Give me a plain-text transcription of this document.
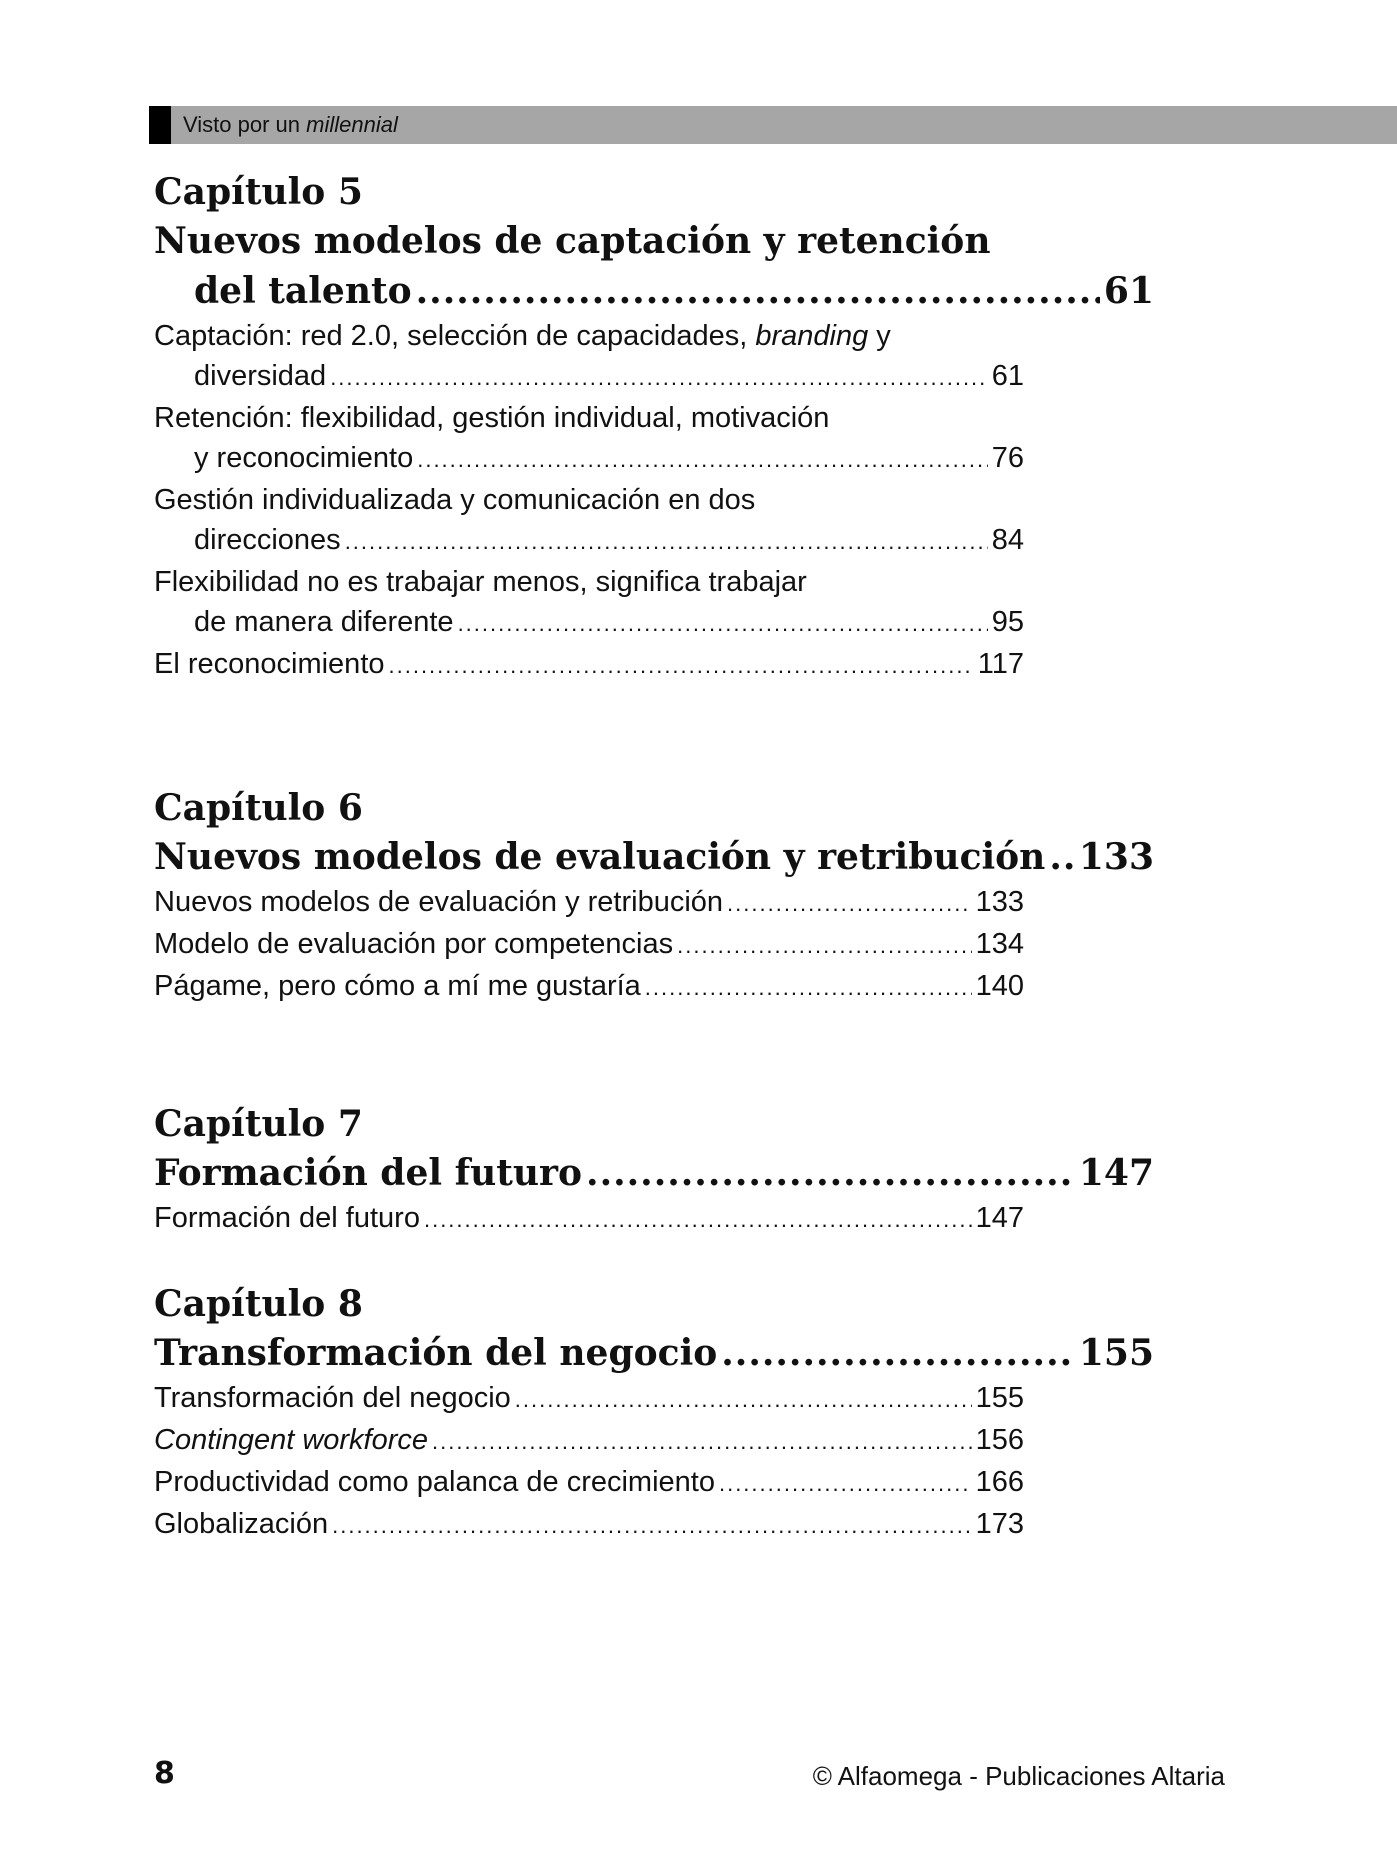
Visto por un millennial
Capítulo 5
Nuevos modelos de captación y retención
del talento .....	61
Captación: red 2.0, selección de capacidades, branding y
diversidad .....	61
Retención: flexibilidad, gestión individual, motivación
y reconocimiento .....	76
Gestión individualizada y comunicación en dos
direcciones .....	84
Flexibilidad no es trabajar menos, significa trabajar
de manera diferente .....	95
El reconocimiento .....	117
Capítulo 6
Nuevos modelos de evaluación y retribución ..... 133
Nuevos modelos de evaluación y retribución .....	133
Modelo de evaluación por competencias .....	134
Págame, pero cómo a mí me gustaría .....	140
Capítulo 7
Formación del futuro .....	147
Formación del futuro .....	147
Capítulo 8
Transformación del negocio .....	155
Transformación del negocio .....	155
Contingent workforce .....	156
Productividad como palanca de crecimiento .....	166
Globalización .....	173
8	© Alfaomega - Publicaciones Altaria
